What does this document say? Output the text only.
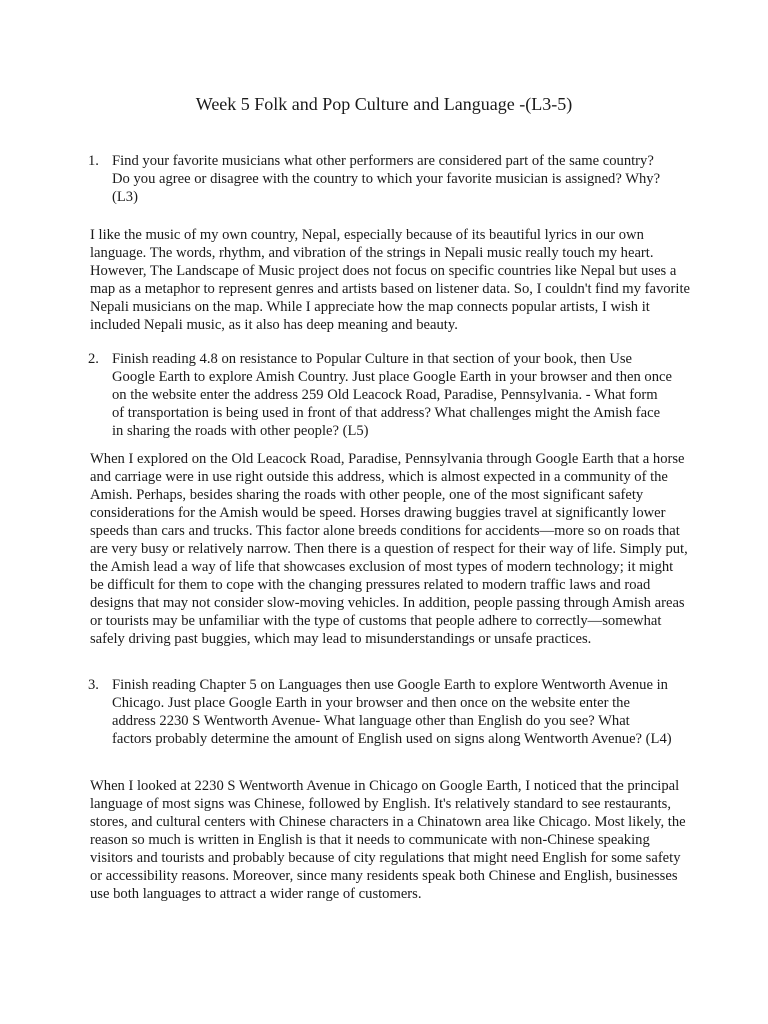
Week 5 Folk and Pop Culture and Language -(L3-5)
1. Find your favorite musicians what other performers are considered part of the same country? Do you agree or disagree with the country to which your favorite musician is assigned? Why? (L3)

I like the music of my own country, Nepal, especially because of its beautiful lyrics in our own language. The words, rhythm, and vibration of the strings in Nepali music really touch my heart. However, The Landscape of Music project does not focus on specific countries like Nepal but uses a map as a metaphor to represent genres and artists based on listener data. So, I couldn't find my favorite Nepali musicians on the map. While I appreciate how the map connects popular artists, I wish it included Nepali music, as it also has deep meaning and beauty.

2. Finish reading 4.8 on resistance to Popular Culture in that section of your book, then Use Google Earth to explore Amish Country. Just place Google Earth in your browser and then once on the website enter the address 259 Old Leacock Road, Paradise, Pennsylvania. - What form of transportation is being used in front of that address? What challenges might the Amish face in sharing the roads with other people? (L5)

When I explored on the Old Leacock Road, Paradise, Pennsylvania through Google Earth that a horse and carriage were in use right outside this address, which is almost expected in a community of the Amish. Perhaps, besides sharing the roads with other people, one of the most significant safety considerations for the Amish would be speed. Horses drawing buggies travel at significantly lower speeds than cars and trucks. This factor alone breeds conditions for accidents—more so on roads that are very busy or relatively narrow. Then there is a question of respect for their way of life. Simply put, the Amish lead a way of life that showcases exclusion of most types of modern technology; it might be difficult for them to cope with the changing pressures related to modern traffic laws and road designs that may not consider slow-moving vehicles. In addition, people passing through Amish areas or tourists may be unfamiliar with the type of customs that people adhere to correctly—somewhat safely driving past buggies, which may lead to misunderstandings or unsafe practices.

3. Finish reading Chapter 5 on Languages then use Google Earth to explore Wentworth Avenue in Chicago. Just place Google Earth in your browser and then once on the website enter the address 2230 S Wentworth Avenue- What language other than English do you see? What factors probably determine the amount of English used on signs along Wentworth Avenue? (L4)

When I looked at 2230 S Wentworth Avenue in Chicago on Google Earth, I noticed that the principal language of most signs was Chinese, followed by English. It's relatively standard to see restaurants, stores, and cultural centers with Chinese characters in a Chinatown area like Chicago. Most likely, the reason so much is written in English is that it needs to communicate with non-Chinese speaking visitors and tourists and probably because of city regulations that might need English for some safety or accessibility reasons. Moreover, since many residents speak both Chinese and English, businesses use both languages to attract a wider range of customers.
